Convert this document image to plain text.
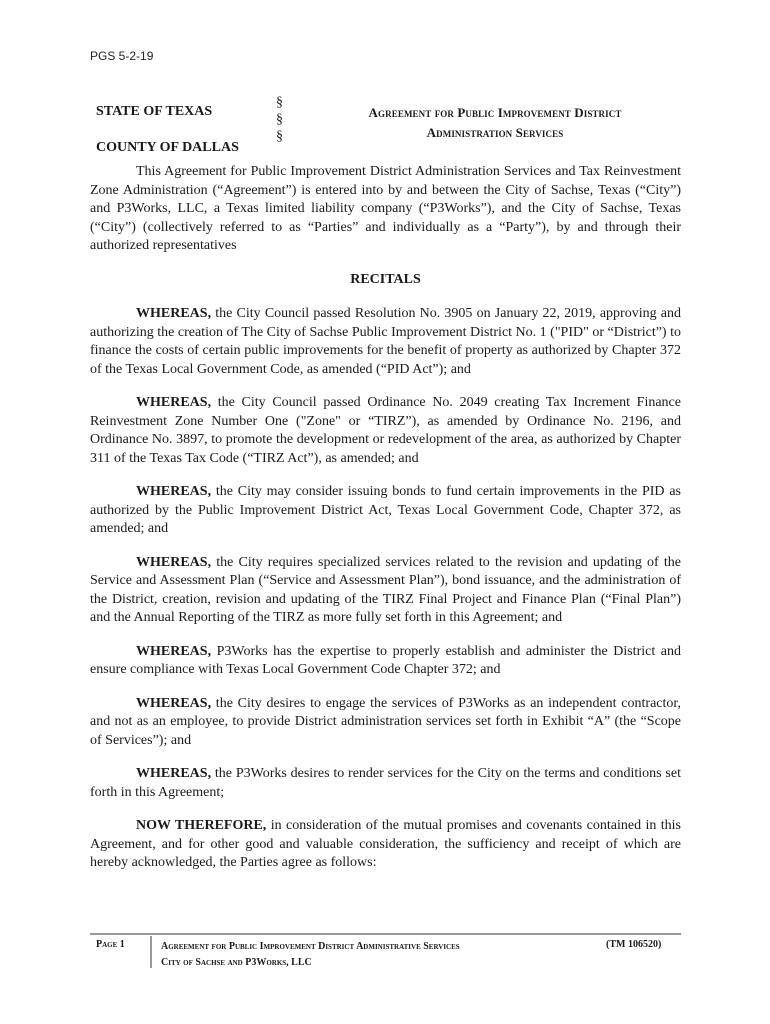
PGS 5-2-19
STATE OF TEXAS
COUNTY OF DALLAS
§
§
§
Agreement for Public Improvement District
Administration Services

This Agreement for Public Improvement District Administration Services and Tax Reinvestment Zone Administration (“Agreement”) is entered into by and between the City of Sachse, Texas (“City”) and P3Works, LLC, a Texas limited liability company (“P3Works”), and the City of Sachse, Texas (“City”) (collectively referred to as “Parties” and individually as a “Party”), by and through their authorized representatives

RECITALS

WHEREAS, the City Council passed Resolution No. 3905 on January 22, 2019, approving and authorizing the creation of The City of Sachse Public Improvement District No. 1 ("PID" or “District”) to finance the costs of certain public improvements for the benefit of property as authorized by Chapter 372 of the Texas Local Government Code, as amended (“PID Act”); and

WHEREAS, the City Council passed Ordinance No. 2049 creating Tax Increment Finance Reinvestment Zone Number One ("Zone" or “TIRZ”), as amended by Ordinance No. 2196, and Ordinance No. 3897, to promote the development or redevelopment of the area, as authorized by Chapter 311 of the Texas Tax Code (“TIRZ Act”), as amended; and

WHEREAS, the City may consider issuing bonds to fund certain improvements in the PID as authorized by the Public Improvement District Act, Texas Local Government Code, Chapter 372, as amended; and

WHEREAS, the City requires specialized services related to the revision and updating of the Service and Assessment Plan (“Service and Assessment Plan”), bond issuance, and the administration of the District, creation, revision and updating of the TIRZ Final Project and Finance Plan (“Final Plan”) and the Annual Reporting of the TIRZ as more fully set forth in this Agreement; and

WHEREAS, P3Works has the expertise to properly establish and administer the District and ensure compliance with Texas Local Government Code Chapter 372; and

WHEREAS, the City desires to engage the services of P3Works as an independent contractor, and not as an employee, to provide District administration services set forth in Exhibit “A” (the “Scope of Services”); and

WHEREAS, the P3Works desires to render services for the City on the terms and conditions set forth in this Agreement;

NOW THEREFORE, in consideration of the mutual promises and covenants contained in this Agreement, and for other good and valuable consideration, the sufficiency and receipt of which are hereby acknowledged, the Parties agree as follows:

Page 1	Agreement for Public Improvement District Administrative Services
City of Sachse and P3Works, LLC
(TM 106520)
